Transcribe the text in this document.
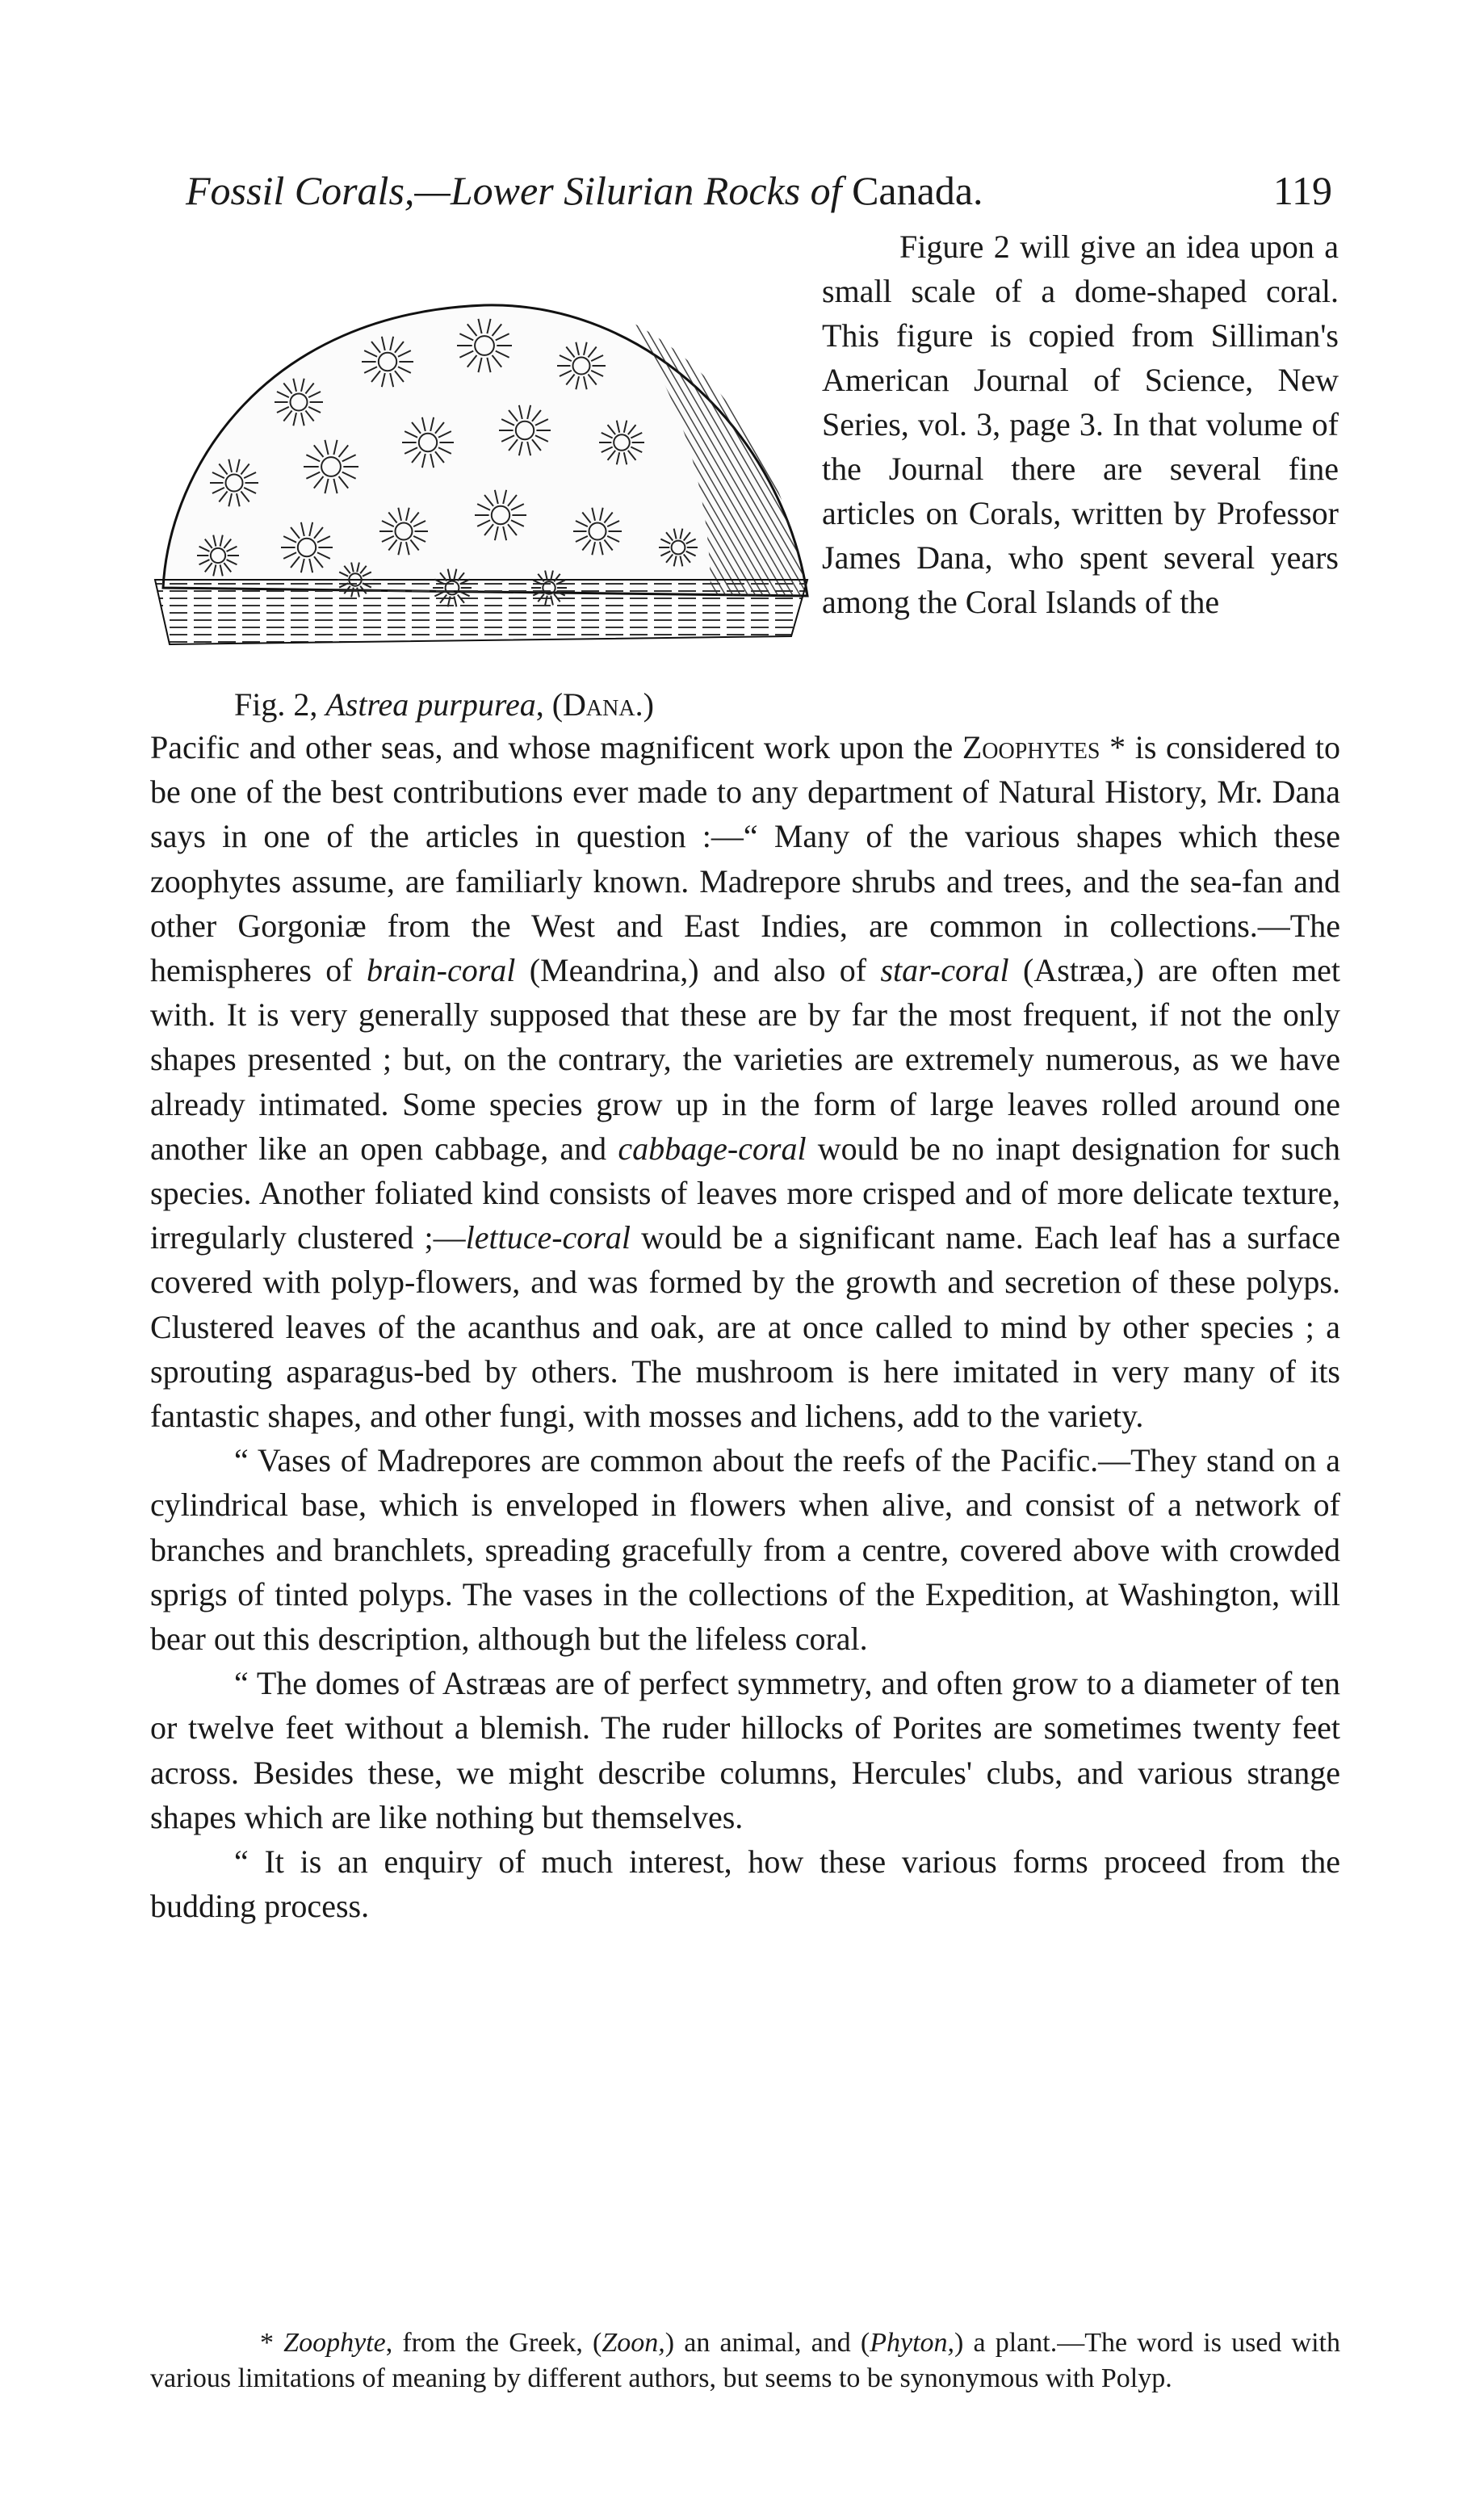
Fossil Corals,—Lower Silurian Rocks of Canada.	119
Fig. 2, Astrea purpurea, (Dana.)

Figure 2 will give an idea upon a small scale of a dome-shaped coral. This figure is copied from Silliman's American Journal of Science, New Series, vol. 3, page 3. In that volume of the Journal there are several fine articles on Corals, written by Professor James Dana, who spent several years among the Coral Islands of the

Pacific and other seas, and whose magnificent work upon the Zoophytes * is considered to be one of the best contributions ever made to any department of Natural History, Mr. Dana says in one of the articles in question :—“ Many of the various shapes which these zoophytes assume, are familiarly known. Madrepore shrubs and trees, and the sea-fan and other Gorgoniæ from the West and East Indies, are common in collections.—The hemispheres of brain-coral (Meandrina,) and also of star-coral (Astræa,) are often met with. It is very generally supposed that these are by far the most frequent, if not the only shapes presented ; but, on the contrary, the varieties are extremely numerous, as we have already intimated. Some species grow up in the form of large leaves rolled around one another like an open cabbage, and cabbage-coral would be no inapt designation for such species. Another foliated kind consists of leaves more crisped and of more delicate texture, irregularly clustered ;—lettuce-coral would be a significant name. Each leaf has a surface covered with polyp-flowers, and was formed by the growth and secretion of these polyps. Clustered leaves of the acanthus and oak, are at once called to mind by other species ; a sprouting asparagus-bed by others. The mushroom is here imitated in very many of its fantastic shapes, and other fungi, with mosses and lichens, add to the variety.

“ Vases of Madrepores are common about the reefs of the Pacific.—They stand on a cylindrical base, which is enveloped in flowers when alive, and consist of a network of branches and branchlets, spreading gracefully from a centre, covered above with crowded sprigs of tinted polyps. The vases in the collections of the Expedition, at Washington, will bear out this description, although but the lifeless coral.

“ The domes of Astræas are of perfect symmetry, and often grow to a diameter of ten or twelve feet without a blemish. The ruder hillocks of Porites are sometimes twenty feet across. Besides these, we might describe columns, Hercules' clubs, and various strange shapes which are like nothing but themselves.

“ It is an enquiry of much interest, how these various forms proceed from the budding process.

* Zoophyte, from the Greek, (Zoon,) an animal, and (Phyton,) a plant.—The word is used with various limitations of meaning by different authors, but seems to be synonymous with Polyp.
